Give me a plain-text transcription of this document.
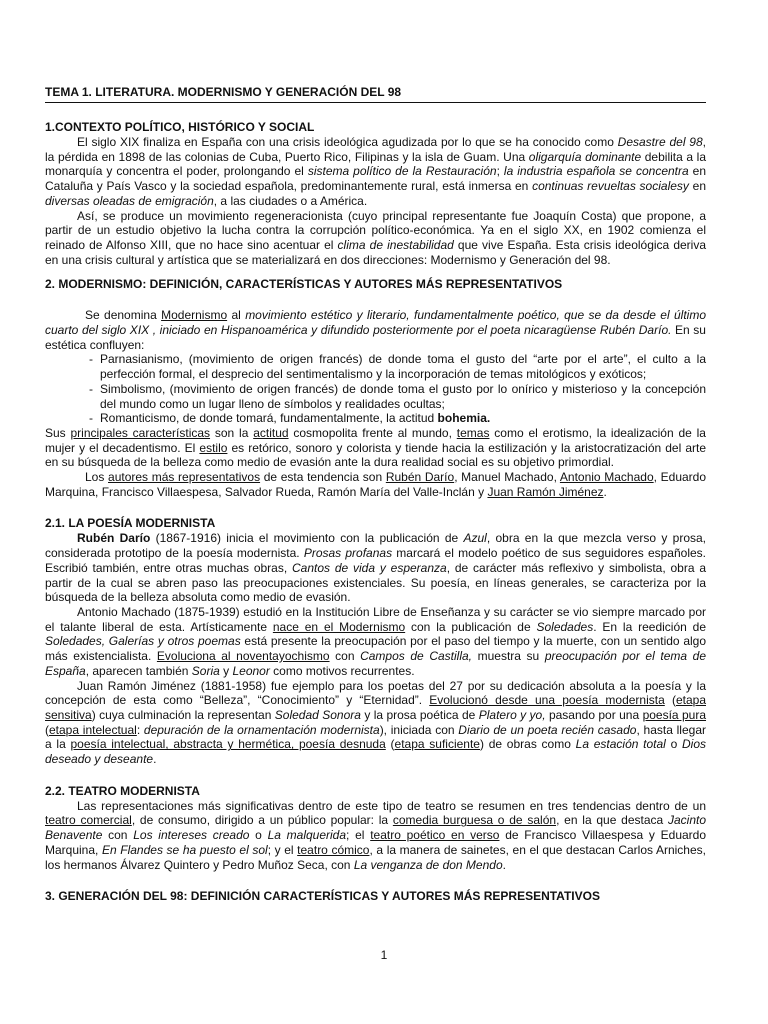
TEMA 1. LITERATURA. MODERNISMO Y GENERACIÓN DEL 98
1.CONTEXTO POLÍTICO, HISTÓRICO Y SOCIAL

El siglo XIX finaliza en España con una crisis ideológica agudizada por lo que se ha conocido como Desastre del 98, la pérdida en 1898 de las colonias de Cuba, Puerto Rico, Filipinas y la isla de Guam. Una oligarquía dominante debilita a la monarquía y concentra el poder, prolongando el sistema político de la Restauración; la industria española se concentra en Cataluña y País Vasco y la sociedad española, predominantemente rural, está inmersa en continuas revueltas socialesy en diversas oleadas de emigración, a las ciudades o a América.

Así, se produce un movimiento regeneracionista (cuyo principal representante fue Joaquín Costa) que propone, a partir de un estudio objetivo la lucha contra la corrupción político-económica. Ya en el siglo XX, en 1902 comienza el reinado de Alfonso XIII, que no hace sino acentuar el clima de inestabilidad que vive España. Esta crisis ideológica deriva en una crisis cultural y artística que se materializará en dos direcciones: Modernismo y Generación del 98.

2. MODERNISMO: DEFINICIÓN, CARACTERÍSTICAS Y AUTORES MÁS REPRESENTATIVOS

Se denomina Modernismo al movimiento estético y literario, fundamentalmente poético, que se da desde el último cuarto del siglo XIX , iniciado en Hispanoamérica y difundido posteriormente por el poeta nicaragüense Rubén Darío. En su estética confluyen:

- Parnasianismo, (movimiento de origen francés) de donde toma el gusto del “arte por el arte”, el culto a la perfección formal, el desprecio del sentimentalismo y la incorporación de temas mitológicos y exóticos;
- Simbolismo, (movimiento de origen francés) de donde toma el gusto por lo onírico y misterioso y la concepción del mundo como un lugar lleno de símbolos y realidades ocultas;
- Romanticismo, de donde tomará, fundamentalmente, la actitud bohemia.

Sus principales características son la actitud cosmopolita frente al mundo, temas como el erotismo, la idealización de la mujer y el decadentismo. El estilo es retórico, sonoro y colorista y tiende hacia la estilización y la aristocratización del arte en su búsqueda de la belleza como medio de evasión ante la dura realidad social es su objetivo primordial.

Los autores más representativos de esta tendencia son Rubén Darío, Manuel Machado, Antonio Machado, Eduardo Marquina, Francisco Villaespesa, Salvador Rueda, Ramón María del Valle-Inclán y Juan Ramón Jiménez.

2.1. LA POESÍA MODERNISTA

Rubén Darío (1867-1916) inicia el movimiento con la publicación de Azul, obra en la que mezcla verso y prosa, considerada prototipo de la poesía modernista. Prosas profanas marcará el modelo poético de sus seguidores españoles. Escribió también, entre otras muchas obras, Cantos de vida y esperanza, de carácter más reflexivo y simbolista, obra a partir de la cual se abren paso las preocupaciones existenciales. Su poesía, en líneas generales, se caracteriza por la búsqueda de la belleza absoluta como medio de evasión.

Antonio Machado (1875-1939) estudió en la Institución Libre de Enseñanza y su carácter se vio siempre marcado por el talante liberal de esta. Artísticamente nace en el Modernismo con la publicación de Soledades. En la reedición de Soledades, Galerías y otros poemas está presente la preocupación por el paso del tiempo y la muerte, con un sentido algo más existencialista. Evoluciona al noventayochismo con Campos de Castilla, muestra su preocupación por el tema de España, aparecen también Soria y Leonor como motivos recurrentes.

Juan Ramón Jiménez (1881-1958) fue ejemplo para los poetas del 27 por su dedicación absoluta a la poesía y la concepción de esta como “Belleza”, “Conocimiento” y “Eternidad”. Evolucionó desde una poesía modernista (etapa sensitiva) cuya culminación la representan Soledad Sonora y la prosa poética de Platero y yo, pasando por una poesía pura (etapa intelectual: depuración de la ornamentación modernista), iniciada con Diario de un poeta recién casado, hasta llegar a la poesía intelectual, abstracta y hermética, poesía desnuda (etapa suficiente) de obras como La estación total o Dios deseado y deseante.

2.2. TEATRO MODERNISTA

Las representaciones más significativas dentro de este tipo de teatro se resumen en tres tendencias dentro de un teatro comercial, de consumo, dirigido a un público popular: la comedia burguesa o de salón, en la que destaca Jacinto Benavente con Los intereses creado o La malquerida; el teatro poético en verso de Francisco Villaespesa y Eduardo Marquina, En Flandes se ha puesto el sol; y el teatro cómico, a la manera de sainetes, en el que destacan Carlos Arniches, los hermanos Álvarez Quintero y Pedro Muñoz Seca, con La venganza de don Mendo.

3. GENERACIÓN DEL 98: DEFINICIÓN CARACTERÍSTICAS Y AUTORES MÁS REPRESENTATIVOS
1
